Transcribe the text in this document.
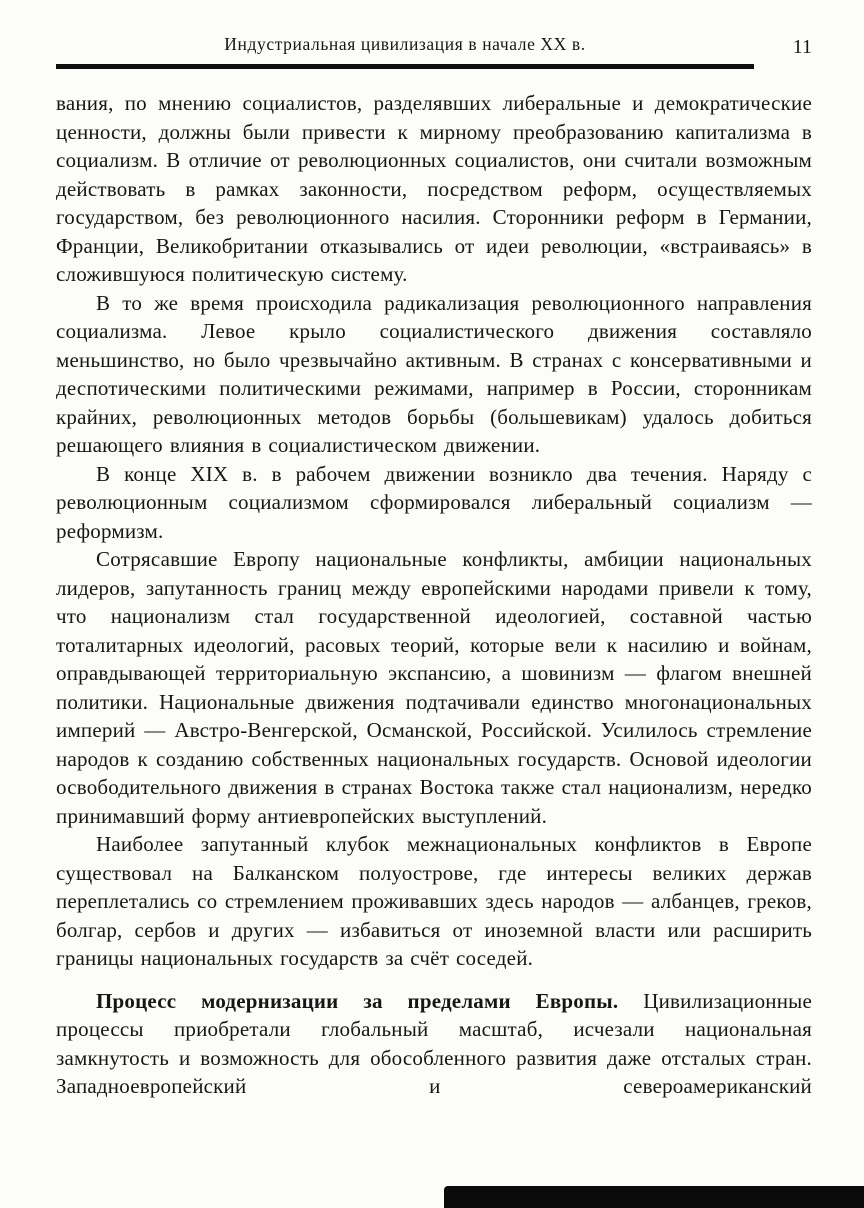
Индустриальная цивилизация в начале XX в.	11

вания, по мнению социалистов, разделявших либеральные и демократические ценности, должны были привести к мирному преобразованию капитализма в социализм. В отличие от революционных социалистов, они считали возможным действовать в рамках законности, посредством реформ, осуществляемых государством, без революционного насилия. Сторонники реформ в Германии, Франции, Великобритании отказывались от идеи революции, «встраиваясь» в сложившуюся политическую систему.

В то же время происходила радикализация революционного направления социализма. Левое крыло социалистического движения составляло меньшинство, но было чрезвычайно активным. В странах с консервативными и деспотическими политическими режимами, например в России, сторонникам крайних, революционных методов борьбы (большевикам) удалось добиться решающего влияния в социалистическом движении.

В конце XIX в. в рабочем движении возникло два течения. Наряду с революционным социализмом сформировался либеральный социализм — реформизм.

Сотрясавшие Европу национальные конфликты, амбиции национальных лидеров, запутанность границ между европейскими народами привели к тому, что национализм стал государственной идеологией, составной частью тоталитарных идеологий, расовых теорий, которые вели к насилию и войнам, оправдывающей территориальную экспансию, а шовинизм — флагом внешней политики. Национальные движения подтачивали единство многонациональных империй — Австро-Венгерской, Османской, Российской. Усилилось стремление народов к созданию собственных национальных государств. Основой идеологии освободительного движения в странах Востока также стал национализм, нередко принимавший форму антиевропейских выступлений.

Наиболее запутанный клубок межнациональных конфликтов в Европе существовал на Балканском полуострове, где интересы великих держав переплетались со стремлением проживавших здесь народов — албанцев, греков, болгар, сербов и других — избавиться от иноземной власти или расширить границы национальных государств за счёт соседей.

Процесс модернизации за пределами Европы. Цивилизационные процессы приобретали глобальный масштаб, исчезали национальная замкнутость и возможность для обособленного развития даже отсталых стран. Западноевропейский и североамериканский
